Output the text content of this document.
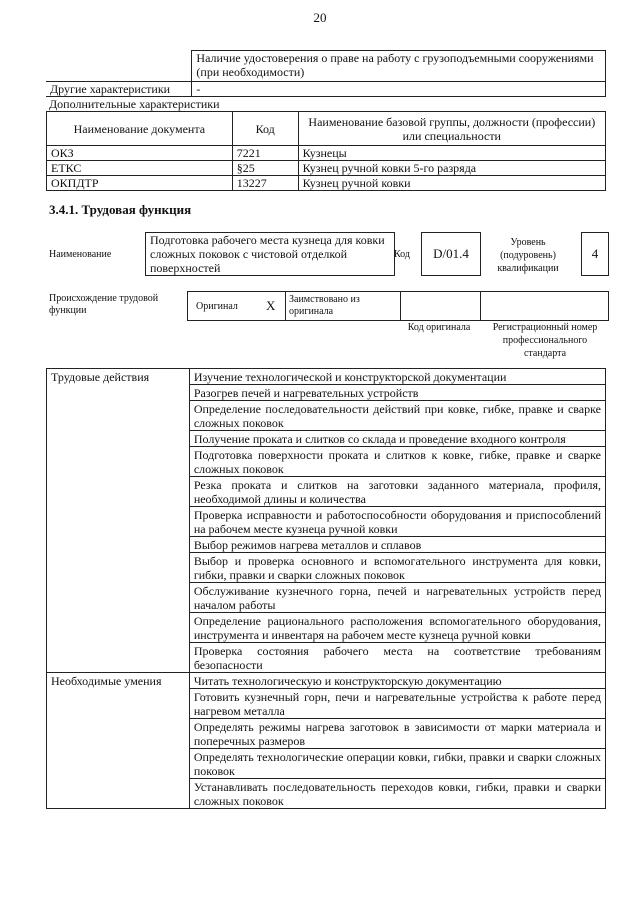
20
	Наличие удостоверения о праве на работу с грузоподъемными сооружениями (при необходимости)
Другие характеристики	-
Дополнительные характеристики
Наименование документа	Код	Наименование базовой группы, должности (профессии) или специальности
ОКЗ	7221	Кузнецы
ЕТКС	§25	Кузнец ручной ковки 5-го разряда
ОКПДТР	13227	Кузнец ручной ковки
3.4.1. Трудовая функция
Наименование
Подготовка рабочего места кузнеца для ковки сложных поковок с чистовой отделкой поверхностей
Код	D/01.4
Уровень (подуровень) квалификации
4
Происхождение трудовой функции	Оригинал X Заимствовано из оригинала
Код оригинала	Регистрационный номер профессионального стандарта
Трудовые действия	Изучение технологической и конструкторской документации
	Разогрев печей и нагревательных устройств
	Определение последовательности действий при ковке, гибке, правке и сварке сложных поковок
	Получение проката и слитков со склада и проведение входного контроля
	Подготовка поверхности проката и слитков к ковке, гибке, правке и сварке сложных поковок
	Резка проката и слитков на заготовки заданного материала, профиля, необходимой длины и количества
	Проверка исправности и работоспособности оборудования и приспособлений на рабочем месте кузнеца ручной ковки
	Выбор режимов нагрева металлов и сплавов
	Выбор и проверка основного и вспомогательного инструмента для ковки, гибки, правки и сварки сложных поковок
	Обслуживание кузнечного горна, печей и нагревательных устройств перед началом работы
	Определение рационального расположения вспомогательного оборудования, инструмента и инвентаря на рабочем месте кузнеца ручной ковки
	Проверка состояния рабочего места на соответствие требованиям безопасности
Необходимые умения	Читать технологическую и конструкторскую документацию
	Готовить кузнечный горн, печи и нагревательные устройства к работе перед нагревом металла
	Определять режимы нагрева заготовок в зависимости от марки материала и поперечных размеров
	Определять технологические операции ковки, гибки, правки и сварки сложных поковок
	Устанавливать последовательность переходов ковки, гибки, правки и сварки сложных поковок
